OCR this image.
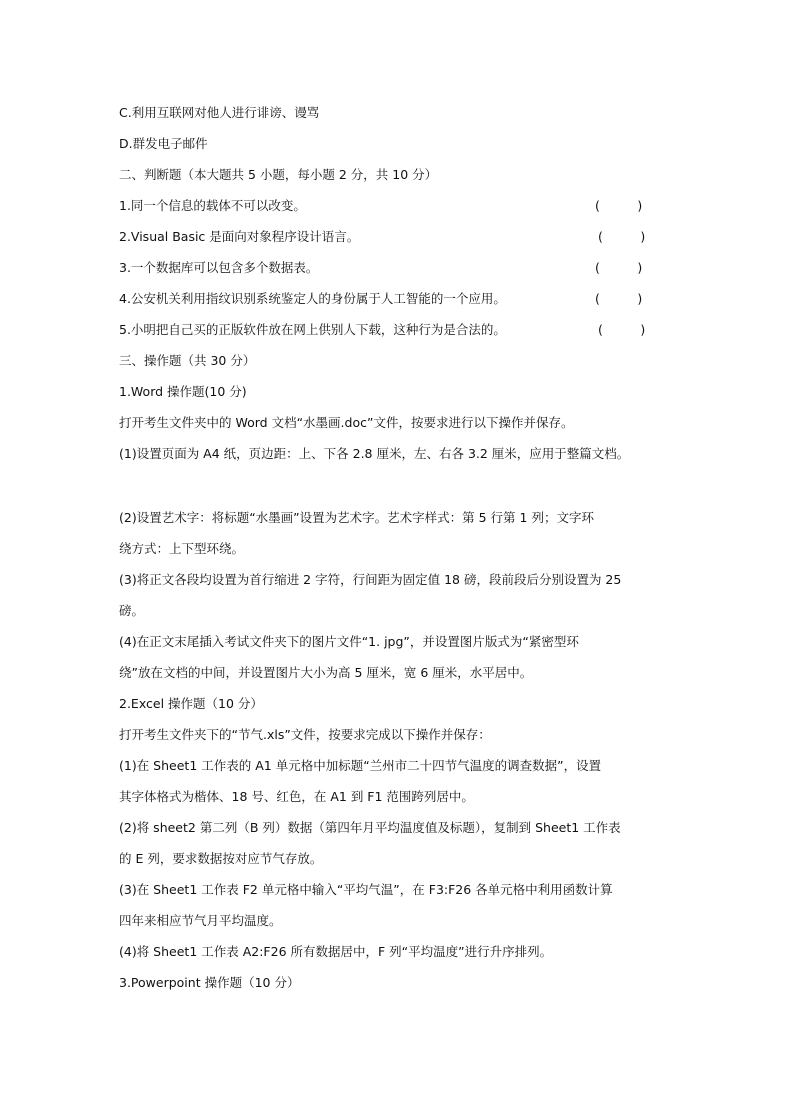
C.利用互联网对他人进行诽谤、谩骂
D.群发电子邮件
二、判断题（本大题共 5 小题，每小题 2 分，共 10 分）
1.同一个信息的载体不可以改变。	(　　　)
2.Visual Basic 是面向对象程序设计语言。	(　　　)
3.一个数据库可以包含多个数据表。	(　　　)
4.公安机关利用指纹识别系统鉴定人的身份属于人工智能的一个应用。	(　　　)
5.小明把自己买的正版软件放在网上供别人下载，这种行为是合法的。	(　　　)
三、操作题（共 30 分）
1.Word 操作题(10 分)
打开考生文件夹中的 Word 文档“水墨画.doc”文件，按要求进行以下操作并保存。
(1)设置页面为 A4 纸，页边距：上、下各 2.8 厘米，左、右各 3.2 厘米，应用于整篇文档。
(2)设置艺术字：将标题“水墨画”设置为艺术字。艺术字样式：第 5 行第 1 列；文字环
绕方式：上下型环绕。
(3)将正文各段均设置为首行缩进 2 字符，行间距为固定值 18 磅，段前段后分别设置为 25
磅。
(4)在正文末尾插入考试文件夹下的图片文件“1. jpg”，并设置图片版式为“紧密型环
绕”放在文档的中间，并设置图片大小为高 5 厘米，宽 6 厘米，水平居中。
2.Excel 操作题（10 分）
打开考生文件夹下的“节气.xls”文件，按要求完成以下操作并保存：
(1)在 Sheet1 工作表的 A1 单元格中加标题“兰州市二十四节气温度的调查数据”，设置
其字体格式为楷体、18 号、红色，在 A1 到 F1 范围跨列居中。
(2)将 sheet2 第二列（B 列）数据（第四年月平均温度值及标题），复制到 Sheet1 工作表
的 E 列，要求数据按对应节气存放。
(3)在 Sheet1 工作表 F2 单元格中输入“平均气温”，在 F3:F26 各单元格中利用函数计算
四年来相应节气月平均温度。
(4)将 Sheet1 工作表 A2:F26 所有数据居中，F 列“平均温度”进行升序排列。
3.Powerpoint 操作题（10 分）
